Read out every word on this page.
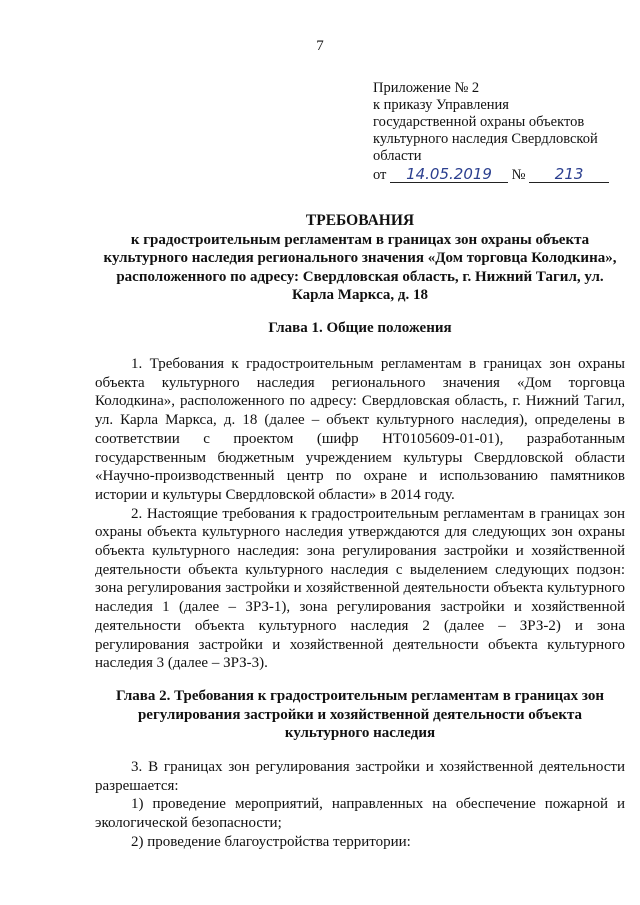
7
Приложение № 2
к приказу Управления
государственной охраны объектов
культурного наследия Свердловской
области
от 14.05.2019 № 213
ТРЕБОВАНИЯ
к градостроительным регламентам в границах зон охраны объекта культурного наследия регионального значения «Дом торговца Колодкина», расположенного по адресу: Свердловская область, г. Нижний Тагил, ул. Карла Маркса, д. 18
Глава 1. Общие положения

1. Требования к градостроительным регламентам в границах зон охраны объекта культурного наследия регионального значения «Дом торговца Колодкина», расположенного по адресу: Свердловская область, г. Нижний Тагил, ул. Карла Маркса, д. 18 (далее – объект культурного наследия), определены в соответствии с проектом (шифр НТ0105609-01-01), разработанным государственным бюджетным учреждением культуры Свердловской области «Научно-производственный центр по охране и использованию памятников истории и культуры Свердловской области» в 2014 году.

2. Настоящие требования к градостроительным регламентам в границах зон охраны объекта культурного наследия утверждаются для следующих зон охраны объекта культурного наследия: зона регулирования застройки и хозяйственной деятельности объекта культурного наследия с выделением следующих подзон: зона регулирования застройки и хозяйственной деятельности объекта культурного наследия 1 (далее – ЗРЗ-1), зона регулирования застройки и хозяйственной деятельности объекта культурного наследия 2 (далее – ЗРЗ-2) и зона регулирования застройки и хозяйственной деятельности объекта культурного наследия 3 (далее – ЗРЗ-3).

Глава 2. Требования к градостроительным регламентам в границах зон регулирования застройки и хозяйственной деятельности объекта культурного наследия

3. В границах зон регулирования застройки и хозяйственной деятельности разрешается:

1) проведение мероприятий, направленных на обеспечение пожарной и экологической безопасности;

2) проведение благоустройства территории:
